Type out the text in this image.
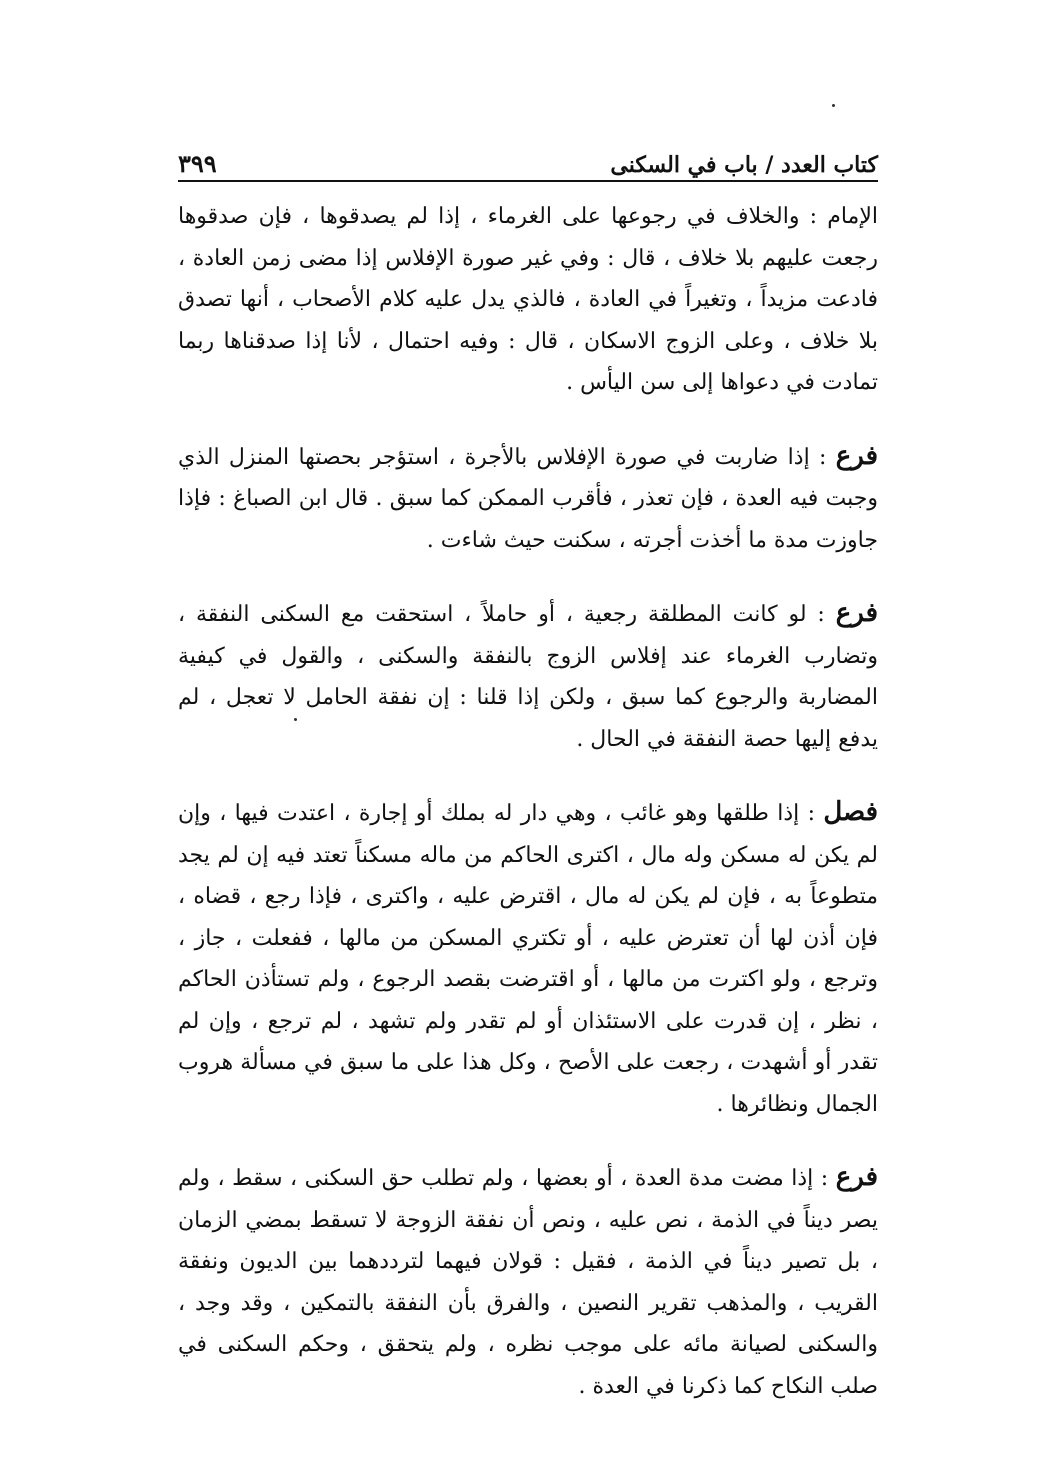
كتاب العدد / باب في السكنى
٣٩٩

الإمام : والخلاف في رجوعها على الغرماء ، إذا لم يصدقوها ، فإن صدقوها رجعت عليهم بلا خلاف ، قال : وفي غير صورة الإفلاس إذا مضى زمن العادة ، فادعت مزيداً ، وتغيراً في العادة ، فالذي يدل عليه كلام الأصحاب ، أنها تصدق بلا خلاف ، وعلى الزوج الاسكان ، قال : وفيه احتمال ، لأنا إذا صدقناها ربما تمادت في دعواها إلى سن اليأس .

فرع : إذا ضاربت في صورة الإفلاس بالأجرة ، استؤجر بحصتها المنزل الذي وجبت فيه العدة ، فإن تعذر ، فأقرب الممكن كما سبق . قال ابن الصباغ : فإذا جاوزت مدة ما أخذت أجرته ، سكنت حيث شاءت .

فرع : لو كانت المطلقة رجعية ، أو حاملاً ، استحقت مع السكنى النفقة ، وتضارب الغرماء عند إفلاس الزوج بالنفقة والسكنى ، والقول في كيفية المضاربة والرجوع كما سبق ، ولكن إذا قلنا : إن نفقة الحامل لا تعجل ، لم يدفع إليها حصة النفقة في الحال .

فصل : إذا طلقها وهو غائب ، وهي دار له بملك أو إجارة ، اعتدت فيها ، وإن لم يكن له مسكن وله مال ، اكترى الحاكم من ماله مسكناً تعتد فيه إن لم يجد متطوعاً به ، فإن لم يكن له مال ، اقترض عليه ، واكترى ، فإذا رجع ، قضاه ، فإن أذن لها أن تعترض عليه ، أو تكتري المسكن من مالها ، ففعلت ، جاز ، وترجع ، ولو اكترت من مالها ، أو اقترضت بقصد الرجوع ، ولم تستأذن الحاكم ، نظر ، إن قدرت على الاستئذان أو لم تقدر ولم تشهد ، لم ترجع ، وإن لم تقدر أو أشهدت ، رجعت على الأصح ، وكل هذا على ما سبق في مسألة هروب الجمال ونظائرها .

فرع : إذا مضت مدة العدة ، أو بعضها ، ولم تطلب حق السكنى ، سقط ، ولم يصر ديناً في الذمة ، نص عليه ، ونص أن نفقة الزوجة لا تسقط بمضي الزمان ، بل تصير ديناً في الذمة ، فقيل : قولان فيهما لترددهما بين الديون ونفقة القريب ، والمذهب تقرير النصين ، والفرق بأن النفقة بالتمكين ، وقد وجد ، والسكنى لصيانة مائه على موجب نظره ، ولم يتحقق ، وحكم السكنى في صلب النكاح كما ذكرنا في العدة .
